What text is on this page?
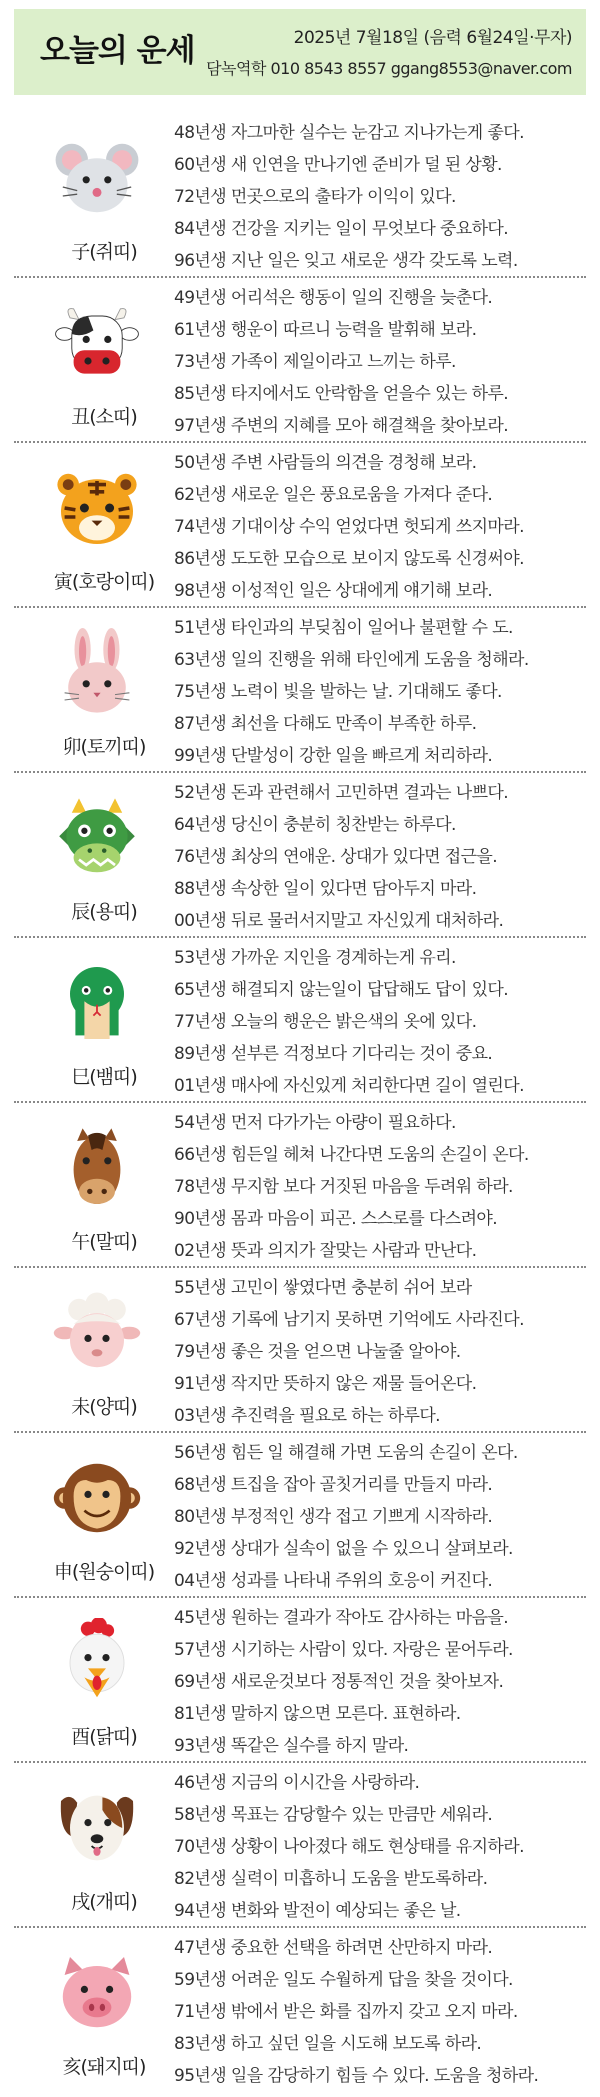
오늘의 운세	2025년 7월18일 (음력 6월24일·무자)
담녹역학 010 8543 8557 ggang8553@naver.com
子(쥐띠)
48년생 자그마한 실수는 눈감고 지나가는게 좋다.
60년생 새 인연을 만나기엔 준비가 덜 된 상황.
72년생 먼곳으로의 출타가 이익이 있다.
84년생 건강을 지키는 일이 무엇보다 중요하다.
96년생 지난 일은 잊고 새로운 생각 갖도록 노력.
丑(소띠)
49년생 어리석은 행동이 일의 진행을 늦춘다.
61년생 행운이 따르니 능력을 발휘해 보라.
73년생 가족이 제일이라고 느끼는 하루.
85년생 타지에서도 안락함을 얻을수 있는 하루.
97년생 주변의 지혜를 모아 해결책을 찾아보라.
寅(호랑이띠)
50년생 주변 사람들의 의견을 경청해 보라.
62년생 새로운 일은 풍요로움을 가져다 준다.
74년생 기대이상 수익 얻었다면 헛되게 쓰지마라.
86년생 도도한 모습으로 보이지 않도록 신경써야.
98년생 이성적인 일은 상대에게 얘기해 보라.
卯(토끼띠)
51년생 타인과의 부딪침이 일어나 불편할 수 도.
63년생 일의 진행을 위해 타인에게 도움을 청해라.
75년생 노력이 빛을 발하는 날. 기대해도 좋다.
87년생 최선을 다해도 만족이 부족한 하루.
99년생 단발성이 강한 일을 빠르게 처리하라.
辰(용띠)
52년생 돈과 관련해서 고민하면 결과는 나쁘다.
64년생 당신이 충분히 칭찬받는 하루다.
76년생 최상의 연애운. 상대가 있다면 접근을.
88년생 속상한 일이 있다면 담아두지 마라.
00년생 뒤로 물러서지말고 자신있게 대처하라.
巳(뱀띠)
53년생 가까운 지인을 경계하는게 유리.
65년생 해결되지 않는일이 답답해도 답이 있다.
77년생 오늘의 행운은 밝은색의 옷에 있다.
89년생 섣부른 걱정보다 기다리는 것이 중요.
01년생 매사에 자신있게 처리한다면 길이 열린다.
午(말띠)
54년생 먼저 다가가는 아량이 필요하다.
66년생 힘든일 헤쳐 나간다면 도움의 손길이 온다.
78년생 무지함 보다 거짓된 마음을 두려워 하라.
90년생 몸과 마음이 피곤. 스스로를 다스려야.
02년생 뜻과 의지가 잘맞는 사람과 만난다.
未(양띠)
55년생 고민이 쌓였다면 충분히 쉬어 보라
67년생 기록에 남기지 못하면 기억에도 사라진다.
79년생 좋은 것을 얻으면 나눌줄 알아야.
91년생 작지만 뜻하지 않은 재물 들어온다.
03년생 추진력을 필요로 하는 하루다.
申(원숭이띠)
56년생 힘든 일 해결해 가면 도움의 손길이 온다.
68년생 트집을 잡아 골칫거리를 만들지 마라.
80년생 부정적인 생각 접고 기쁘게 시작하라.
92년생 상대가 실속이 없을 수 있으니 살펴보라.
04년생 성과를 나타내 주위의 호응이 커진다.
酉(닭띠)
45년생 원하는 결과가 작아도 감사하는 마음을.
57년생 시기하는 사람이 있다. 자랑은 묻어두라.
69년생 새로운것보다 정통적인 것을 찾아보자.
81년생 말하지 않으면 모른다. 표현하라.
93년생 똑같은 실수를 하지 말라.
戌(개띠)
46년생 지금의 이시간을 사랑하라.
58년생 목표는 감당할수 있는 만큼만 세워라.
70년생 상황이 나아졌다 해도 현상태를 유지하라.
82년생 실력이 미흡하니 도움을 받도록하라.
94년생 변화와 발전이 예상되는 좋은 날.
亥(돼지띠)
47년생 중요한 선택을 하려면 산만하지 마라.
59년생 어려운 일도 수월하게 답을 찾을 것이다.
71년생 밖에서 받은 화를 집까지 갖고 오지 마라.
83년생 하고 싶던 일을 시도해 보도록 하라.
95년생 일을 감당하기 힘들 수 있다. 도움을 청하라.
